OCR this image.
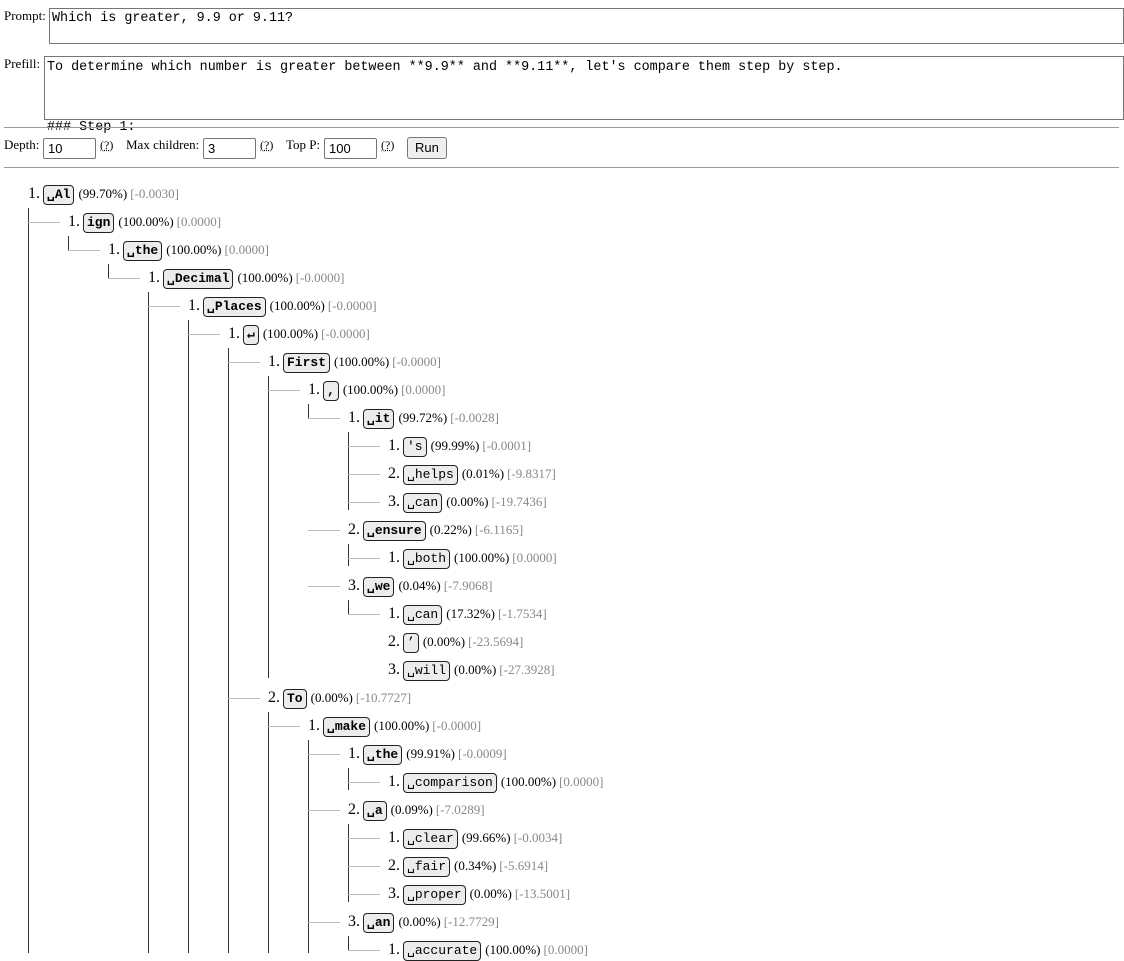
Prompt: Which is greater, 9.9 or 9.11?
Prefill: To determine which number is greater between **9.9** and **9.11**, let's compare them step by step.

### Step 1:
Depth:
10	(?) Max children:
3	(?) Top P:
100	(?)	Run
1. ␣Al (99.70%) [-0.0030]
1. ign (100.00%) [0.0000]
1. ␣the (100.00%) [0.0000]
1. ␣Decimal (100.00%) [-0.0000]
1. ␣Places (100.00%) [-0.0000]
1. ↵ (100.00%) [-0.0000]
1. First (100.00%) [-0.0000]
1. , (100.00%) [0.0000]
1. ␣it (99.72%) [-0.0028]
1. 's (99.99%) [-0.0001]
2. ␣helps (0.01%) [-9.8317]
3. ␣can (0.00%) [-19.7436]
2. ␣ensure (0.22%) [-6.1165]
1. ␣both (100.00%) [0.0000]
3. ␣we (0.04%) [-7.9068]
1. ␣can (17.32%) [-1.7534]
2. ’ (0.00%) [-23.5694]
3. ␣will (0.00%) [-27.3928]
2. To (0.00%) [-10.7727]
1. ␣make (100.00%) [-0.0000]
1. ␣the (99.91%) [-0.0009]
1. ␣comparison (100.00%) [0.0000]
2. ␣a (0.09%) [-7.0289]
1. ␣clear (99.66%) [-0.0034]
2. ␣fair (0.34%) [-5.6914]
3. ␣proper (0.00%) [-13.5001]
3. ␣an (0.00%) [-12.7729]
1. ␣accurate (100.00%) [0.0000]
